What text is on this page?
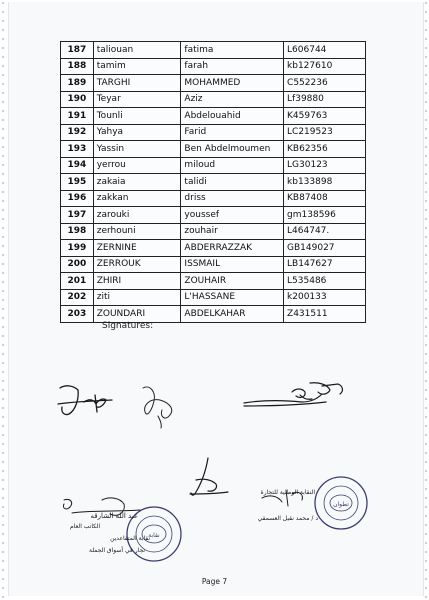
187	taliouan	fatima	L606744
188	tamim	farah	kb127610
189	TARGHI	MOHAMMED	C552236
190	Teyar	Aziz	Lf39880
191	Tounli	Abdelouahid	K459763
192	Yahya	Farid	LC219523
193	Yassin	Ben Abdelmoumen	KB62356
194	yerrou	miloud	LG30123
195	zakaia	talidi	kb133898
196	zakkan	driss	KB87408
197	zarouki	youssef	gm138596
198	zerhouni	zouhair	L464747.
199	ZERNINE	ABDERRAZZAK	GB149027
200	ZERROUK	ISSMAIL	LB147627
201	ZHIRI	ZOUHAIR	L535486
202	ziti	L'HASSANE	k200133
203	ZOUNDARI	ABDELKAHAR	Z431511
Signatures:
نقابة
عبد الله الشارقه
الكاتب العام
نقابة المتقاعدين
تجار في أسواق الجملة
تطوان
النقابة الوطنية للتجارة
د / محمد نقيل العسمقي
Page 7
